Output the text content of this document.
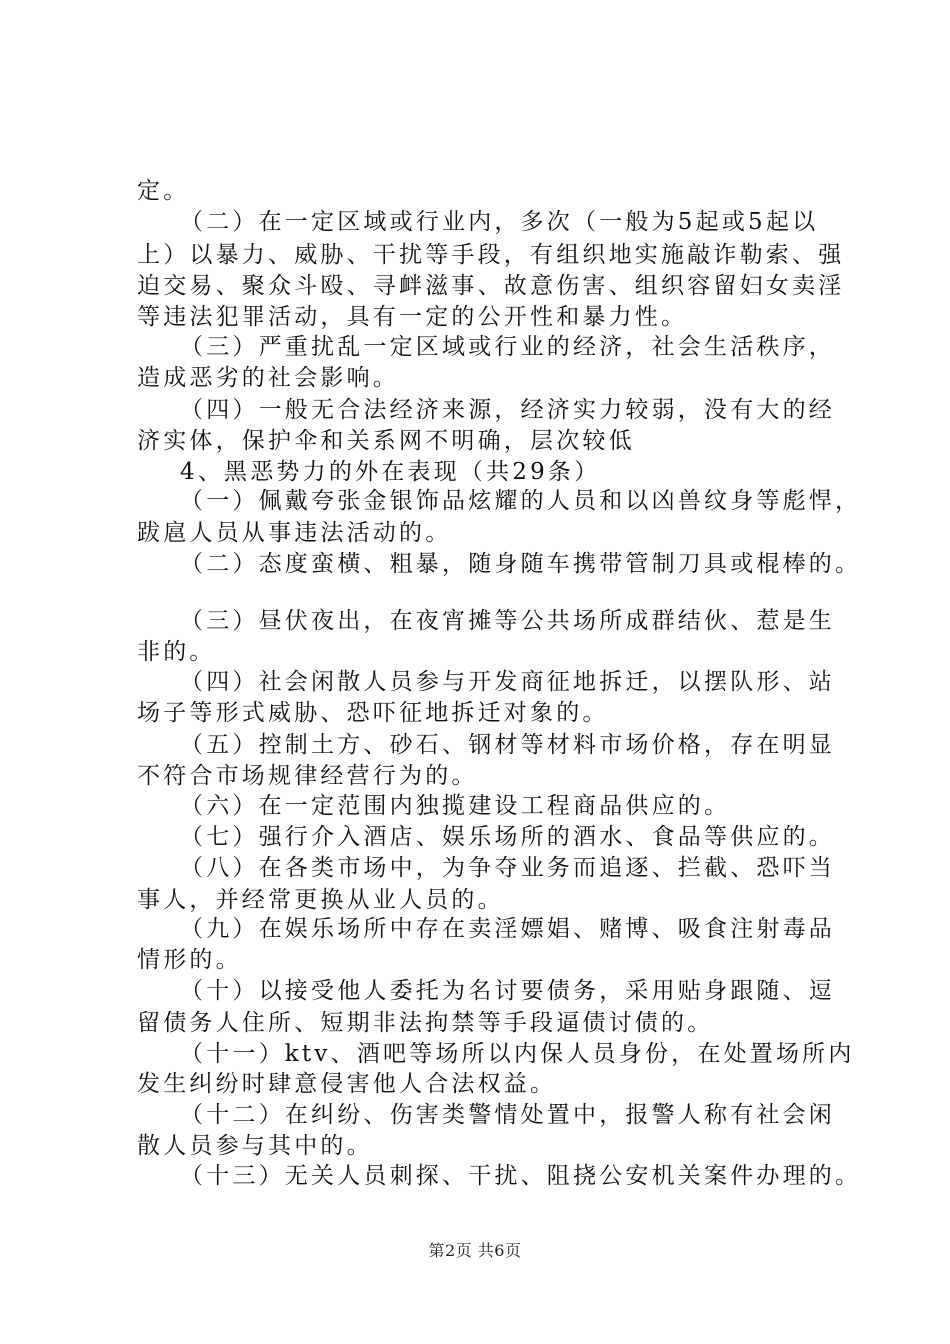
定。
（二）在一定区域或行业内，多次（一般为5起或5起以
上）以暴力、威胁、干扰等手段，有组织地实施敲诈勒索、强
迫交易、聚众斗殴、寻衅滋事、故意伤害、组织容留妇女卖淫
等违法犯罪活动，具有一定的公开性和暴力性。
（三）严重扰乱一定区域或行业的经济，社会生活秩序，
造成恶劣的社会影响。
（四）一般无合法经济来源，经济实力较弱，没有大的经
济实体，保护伞和关系网不明确，层次较低
4、黑恶势力的外在表现（共29条）
（一）佩戴夸张金银饰品炫耀的人员和以凶兽纹身等彪悍，
跋扈人员从事违法活动的。
（二）态度蛮横、粗暴，随身随车携带管制刀具或棍棒的。
（三）昼伏夜出，在夜宵摊等公共场所成群结伙、惹是生
非的。
（四）社会闲散人员参与开发商征地拆迁，以摆队形、站
场子等形式威胁、恐吓征地拆迁对象的。
（五）控制土方、砂石、钢材等材料市场价格，存在明显
不符合市场规律经营行为的。
（六）在一定范围内独揽建设工程商品供应的。
（七）强行介入酒店、娱乐场所的酒水、食品等供应的。
（八）在各类市场中，为争夺业务而追逐、拦截、恐吓当
事人，并经常更换从业人员的。
（九）在娱乐场所中存在卖淫嫖娼、赌博、吸食注射毒品
情形的。
（十）以接受他人委托为名讨要债务，采用贴身跟随、逗
留债务人住所、短期非法拘禁等手段逼债讨债的。
（十一）ktv、酒吧等场所以内保人员身份，在处置场所内
发生纠纷时肆意侵害他人合法权益。
（十二）在纠纷、伤害类警情处置中，报警人称有社会闲
散人员参与其中的。
（十三）无关人员刺探、干扰、阻挠公安机关案件办理的。
第2页 共6页
